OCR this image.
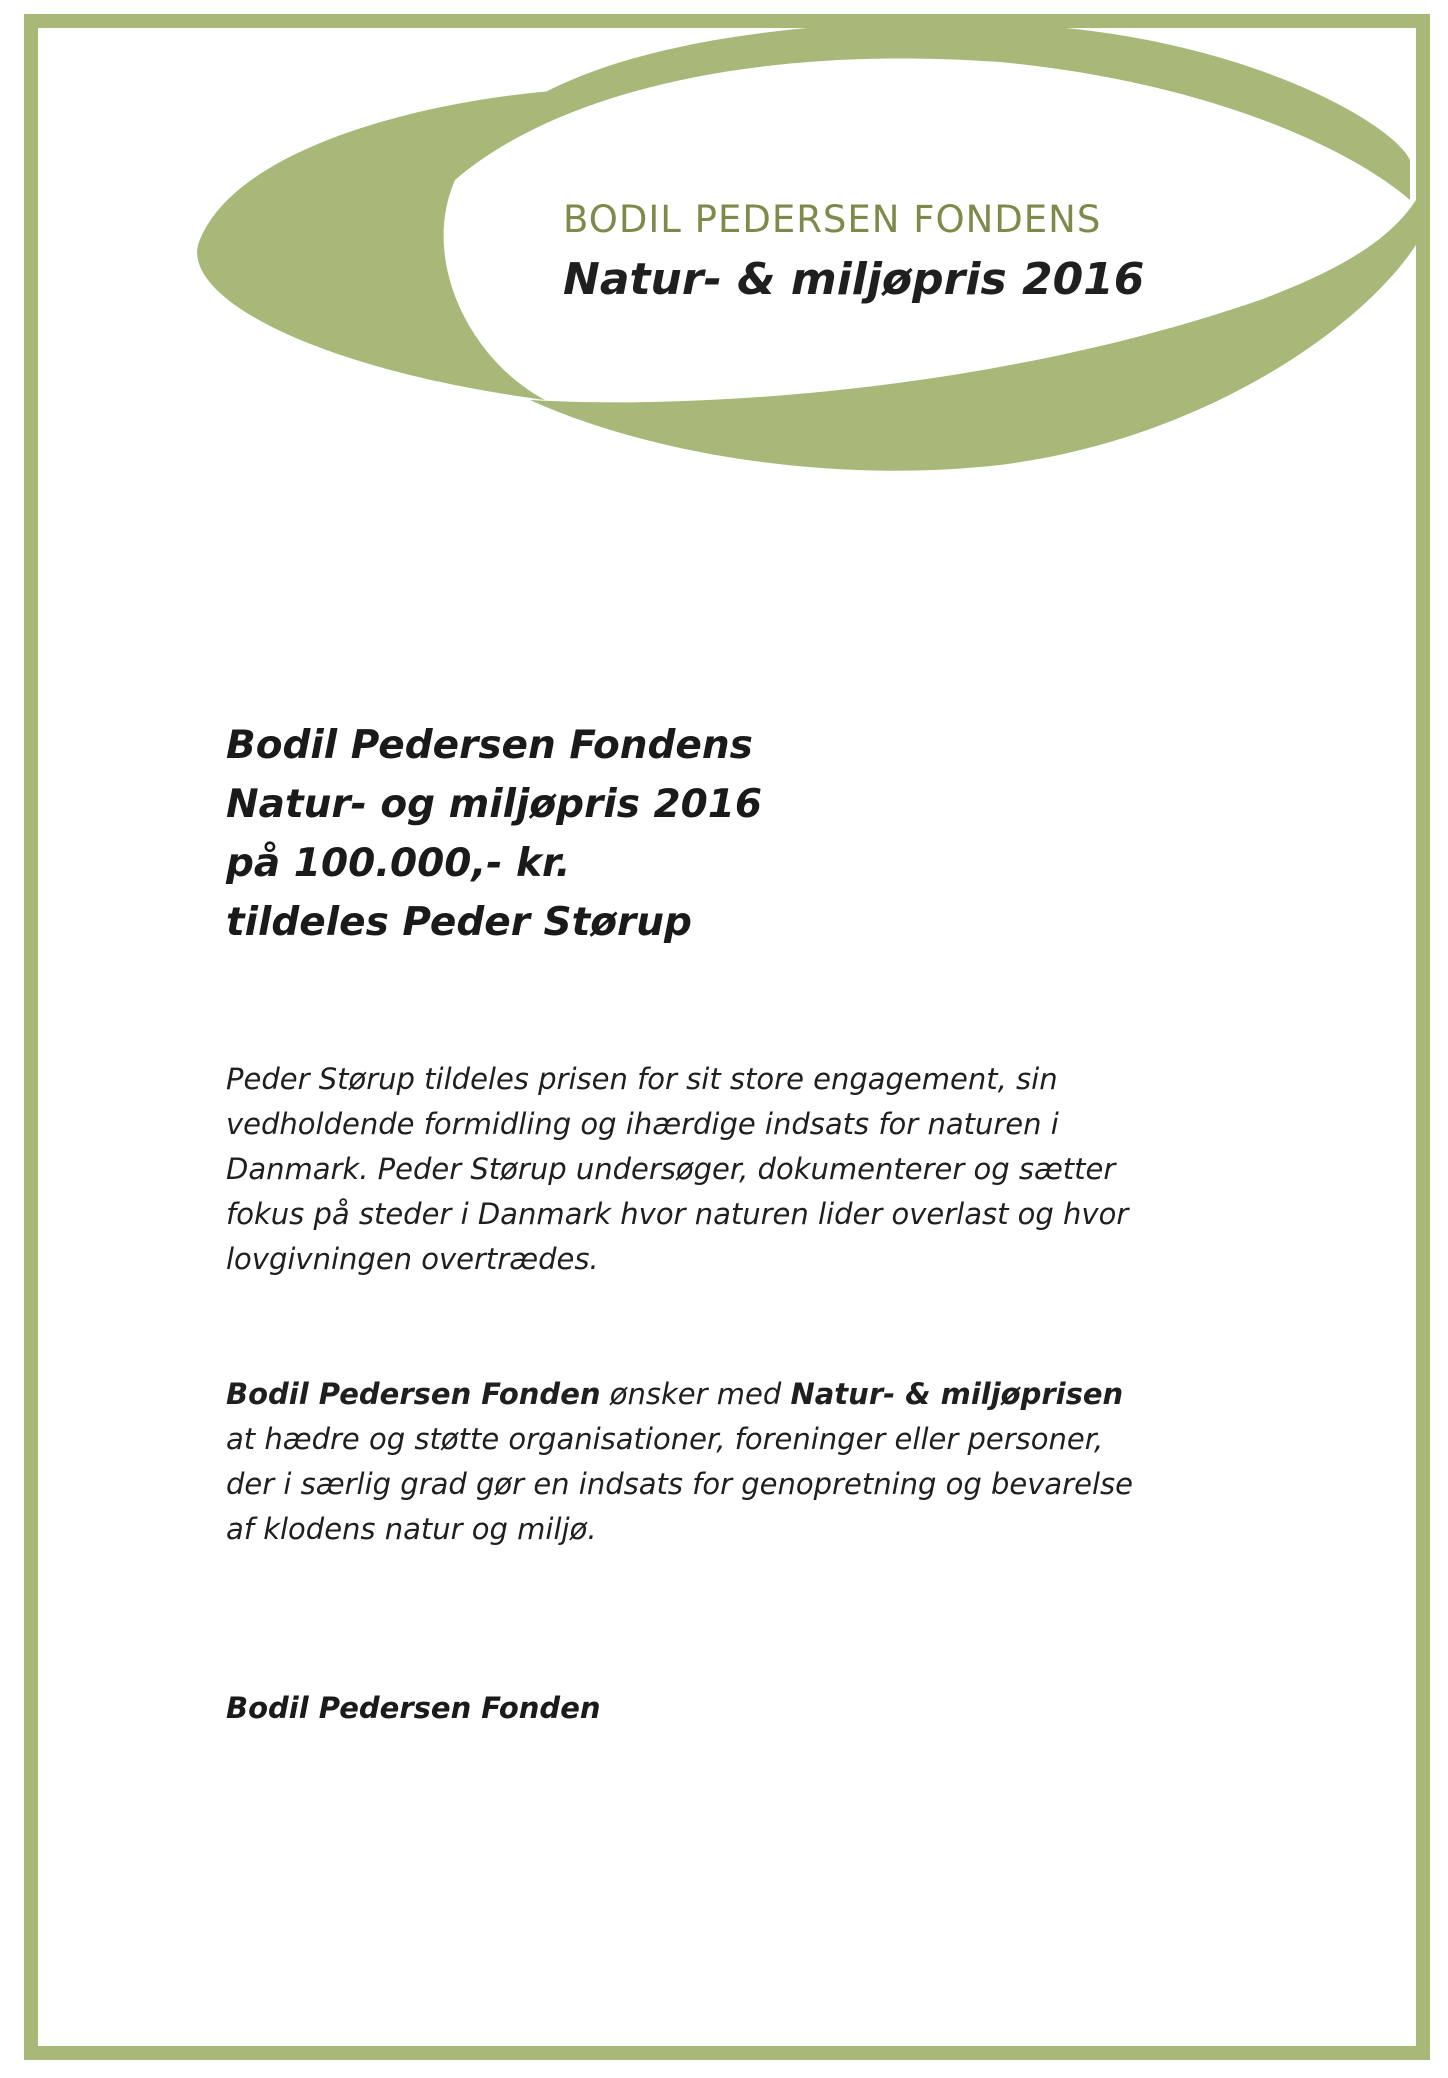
BODIL PEDERSEN FONDENS
Natur- & miljøpris 2016
Bodil Pedersen Fondens
Natur- og miljøpris 2016
på 100.000,- kr.
tildeles Peder Størup
Peder Størup tildeles prisen for sit store engagement, sin
vedholdende formidling og ihærdige indsats for naturen i
Danmark. Peder Størup undersøger, dokumenterer og sætter
fokus på steder i Danmark hvor naturen lider overlast og hvor
lovgivningen overtrædes.
Bodil Pedersen Fonden ønsker med Natur- & miljøprisen
at hædre og støtte organisationer, foreninger eller personer,
der i særlig grad gør en indsats for genopretning og bevarelse
af klodens natur og miljø.
Bodil Pedersen Fonden
